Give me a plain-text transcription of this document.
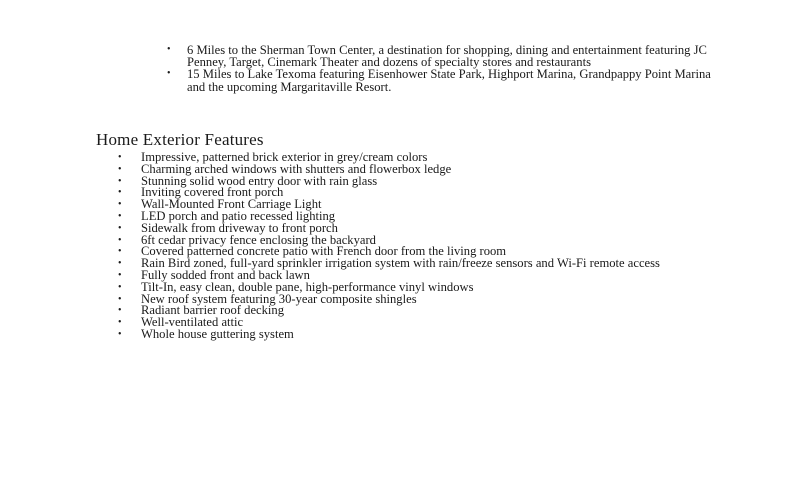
• 6 Miles to the Sherman Town Center, a destination for shopping, dining and entertainment featuring JC Penney, Target, Cinemark Theater and dozens of specialty stores and restaurants
• 15 Miles to Lake Texoma featuring Eisenhower State Park, Highport Marina, Grandpappy Point Marina and the upcoming Margaritaville Resort.
Home Exterior Features
• Impressive, patterned brick exterior in grey/cream colors
• Charming arched windows with shutters and flowerbox ledge
• Stunning solid wood entry door with rain glass
• Inviting covered front porch
• Wall-Mounted Front Carriage Light
• LED porch and patio recessed lighting
• Sidewalk from driveway to front porch
• 6ft cedar privacy fence enclosing the backyard
• Covered patterned concrete patio with French door from the living room
• Rain Bird zoned, full-yard sprinkler irrigation system with rain/freeze sensors and Wi-Fi remote access
• Fully sodded front and back lawn
• Tilt-In, easy clean, double pane, high-performance vinyl windows
• New roof system featuring 30-year composite shingles
• Radiant barrier roof decking
• Well-ventilated attic
• Whole house guttering system
